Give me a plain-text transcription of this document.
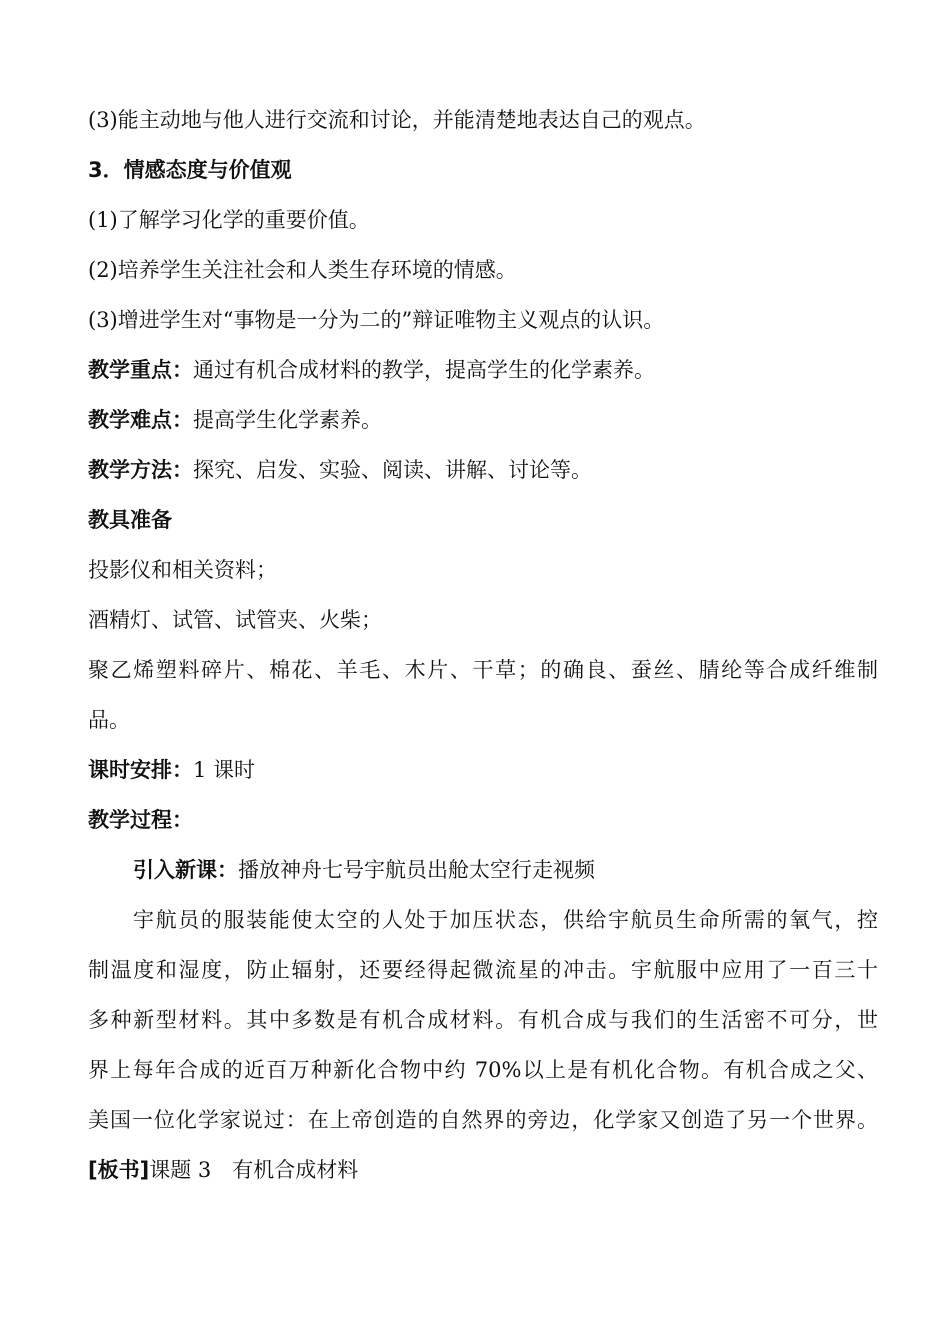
(3)能主动地与他人进行交流和讨论，并能清楚地表达自己的观点。
3．情感态度与价值观
(1)了解学习化学的重要价值。
(2)培养学生关注社会和人类生存环境的情感。
(3)增进学生对“事物是一分为二的”辩证唯物主义观点的认识。
教学重点：通过有机合成材料的教学，提高学生的化学素养。
教学难点：提高学生化学素养。
教学方法：探究、启发、实验、阅读、讲解、讨论等。
教具准备
投影仪和相关资料；
酒精灯、试管、试管夹、火柴；
聚乙烯塑料碎片、棉花、羊毛、木片、干草；的确良、蚕丝、腈纶等合成纤维制
品。
课时安排：1 课时
教学过程：
引入新课：播放神舟七号宇航员出舱太空行走视频
宇航员的服装能使太空的人处于加压状态，供给宇航员生命所需的氧气，控
制温度和湿度，防止辐射，还要经得起微流星的冲击。宇航服中应用了一百三十
多种新型材料。其中多数是有机合成材料。有机合成与我们的生活密不可分，世
界上每年合成的近百万种新化合物中约 70%以上是有机化合物。有机合成之父、
美国一位化学家说过：在上帝创造的自然界的旁边，化学家又创造了另一个世界。
[板书]课题 3　有机合成材料
